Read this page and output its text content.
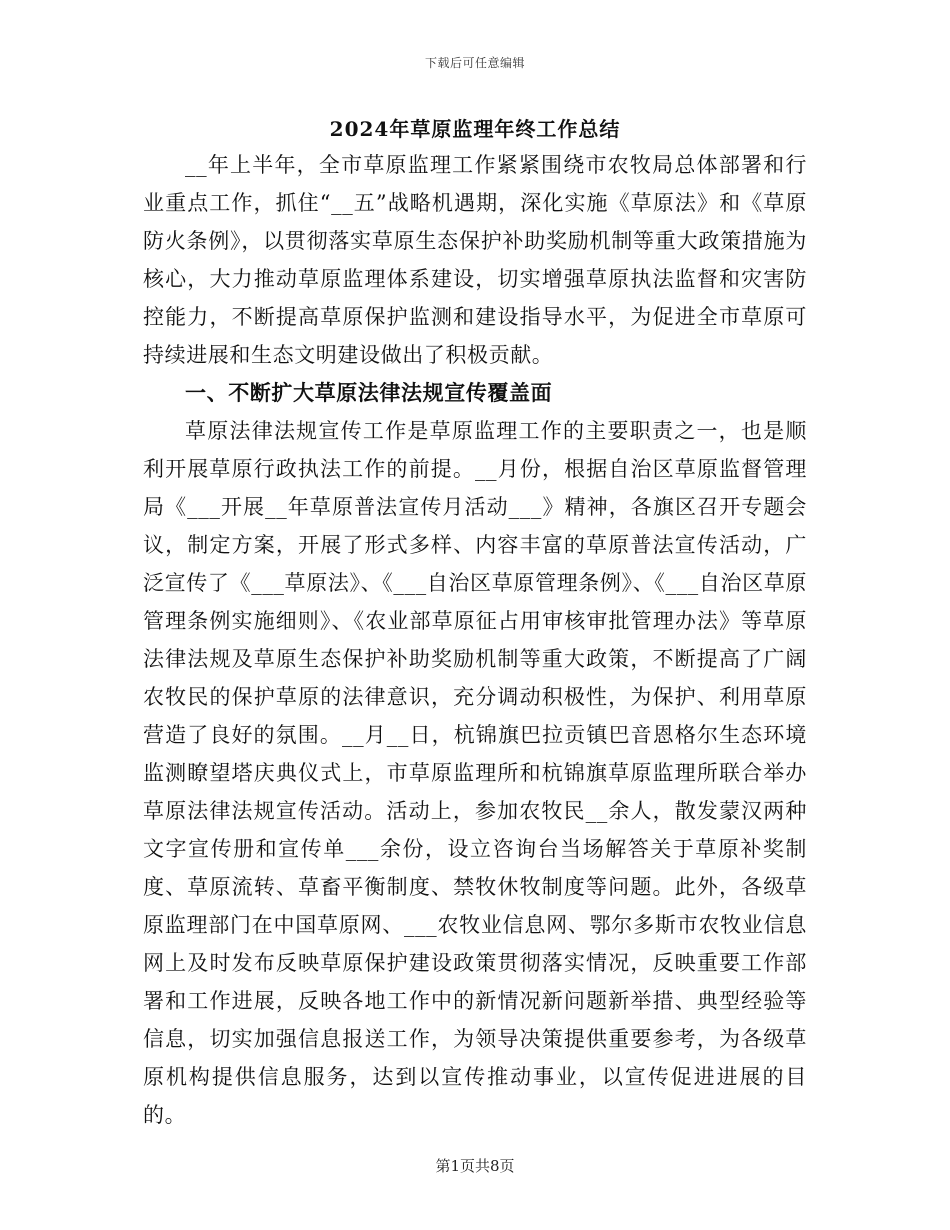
下载后可任意编辑
2024年草原监理年终工作总结

__年上半年，全市草原监理工作紧紧围绕市农牧局总体部署和行业重点工作，抓住“__五”战略机遇期，深化实施《草原法》和《草原防火条例》，以贯彻落实草原生态保护补助奖励机制等重大政策措施为核心，大力推动草原监理体系建设，切实增强草原执法监督和灾害防控能力，不断提高草原保护监测和建设指导水平，为促进全市草原可持续进展和生态文明建设做出了积极贡献。

一、不断扩大草原法律法规宣传覆盖面

草原法律法规宣传工作是草原监理工作的主要职责之一，也是顺利开展草原行政执法工作的前提。__月份，根据自治区草原监督管理局《___开展__年草原普法宣传月活动___》精神，各旗区召开专题会议，制定方案，开展了形式多样、内容丰富的草原普法宣传活动，广泛宣传了《___草原法》、《___自治区草原管理条例》、《___自治区草原管理条例实施细则》、《农业部草原征占用审核审批管理办法》等草原法律法规及草原生态保护补助奖励机制等重大政策，不断提高了广阔农牧民的保护草原的法律意识，充分调动积极性，为保护、利用草原营造了良好的氛围。__月__日，杭锦旗巴拉贡镇巴音恩格尔生态环境监测瞭望塔庆典仪式上，市草原监理所和杭锦旗草原监理所联合举办草原法律法规宣传活动。活动上，参加农牧民__余人，散发蒙汉两种文字宣传册和宣传单___余份，设立咨询台当场解答关于草原补奖制度、草原流转、草畜平衡制度、禁牧休牧制度等问题。此外，各级草原监理部门在中国草原网、___农牧业信息网、鄂尔多斯市农牧业信息网上及时发布反映草原保护建设政策贯彻落实情况，反映重要工作部署和工作进展，反映各地工作中的新情况新问题新举措、典型经验等信息，切实加强信息报送工作，为领导决策提供重要参考，为各级草原机构提供信息服务，达到以宣传推动事业，以宣传促进进展的目的。

第1页共8页
